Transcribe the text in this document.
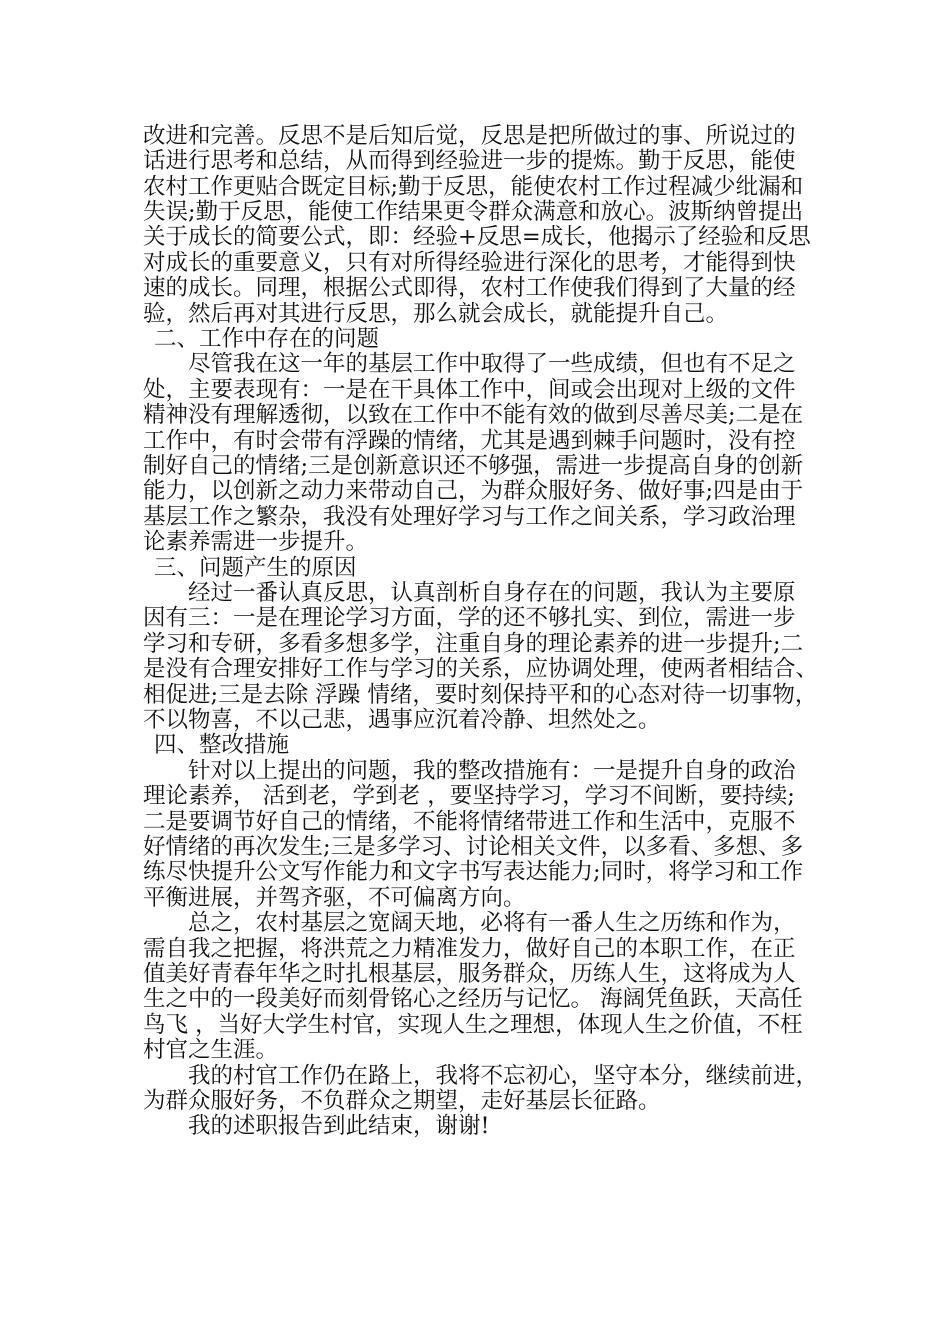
改进和完善。反思不是后知后觉，反思是把所做过的事、所说过的

话进行思考和总结，从而得到经验进一步的提炼。勤于反思，能使

农村工作更贴合既定目标;勤于反思，能使农村工作过程减少纰漏和

失误;勤于反思，能使工作结果更令群众满意和放心。波斯纳曾提出

关于成长的简要公式，即：经验+反思=成长，他揭示了经验和反思

对成长的重要意义，只有对所得经验进行深化的思考，才能得到快

速的成长。同理，根据公式即得，农村工作使我们得到了大量的经

验，然后再对其进行反思，那么就会成长，就能提升自己。

二、工作中存在的问题

尽管我在这一年的基层工作中取得了一些成绩，但也有不足之

处，主要表现有：一是在干具体工作中，间或会出现对上级的文件

精神没有理解透彻，以致在工作中不能有效的做到尽善尽美;二是在

工作中，有时会带有浮躁的情绪，尤其是遇到棘手问题时，没有控

制好自己的情绪;三是创新意识还不够强，需进一步提高自身的创新

能力，以创新之动力来带动自己，为群众服好务、做好事;四是由于

基层工作之繁杂，我没有处理好学习与工作之间关系，学习政治理

论素养需进一步提升。

三、问题产生的原因

经过一番认真反思，认真剖析自身存在的问题，我认为主要原

因有三：一是在理论学习方面，学的还不够扎实、到位，需进一步

学习和专研，多看多想多学，注重自身的理论素养的进一步提升;二

是没有合理安排好工作与学习的关系，应协调处理，使两者相结合、

相促进;三是去除 浮躁 情绪，要时刻保持平和的心态对待一切事物，

不以物喜，不以己悲，遇事应沉着冷静、坦然处之。

四、整改措施

针对以上提出的问题，我的整改措施有：一是提升自身的政治

理论素养， 活到老，学到老 ，要坚持学习，学习不间断，要持续;

二是要调节好自己的情绪，不能将情绪带进工作和生活中，克服不

好情绪的再次发生;三是多学习、讨论相关文件，以多看、多想、多

练尽快提升公文写作能力和文字书写表达能力;同时，将学习和工作

平衡进展，并驾齐驱，不可偏离方向。

总之，农村基层之宽阔天地，必将有一番人生之历练和作为，

需自我之把握，将洪荒之力精准发力，做好自己的本职工作，在正

值美好青春年华之时扎根基层，服务群众，历练人生，这将成为人

生之中的一段美好而刻骨铭心之经历与记忆。 海阔凭鱼跃，天高任

鸟飞 ，当好大学生村官，实现人生之理想，体现人生之价值，不枉

村官之生涯。

我的村官工作仍在路上，我将不忘初心，坚守本分，继续前进，

为群众服好务，不负群众之期望，走好基层长征路。

我的述职报告到此结束，谢谢!
